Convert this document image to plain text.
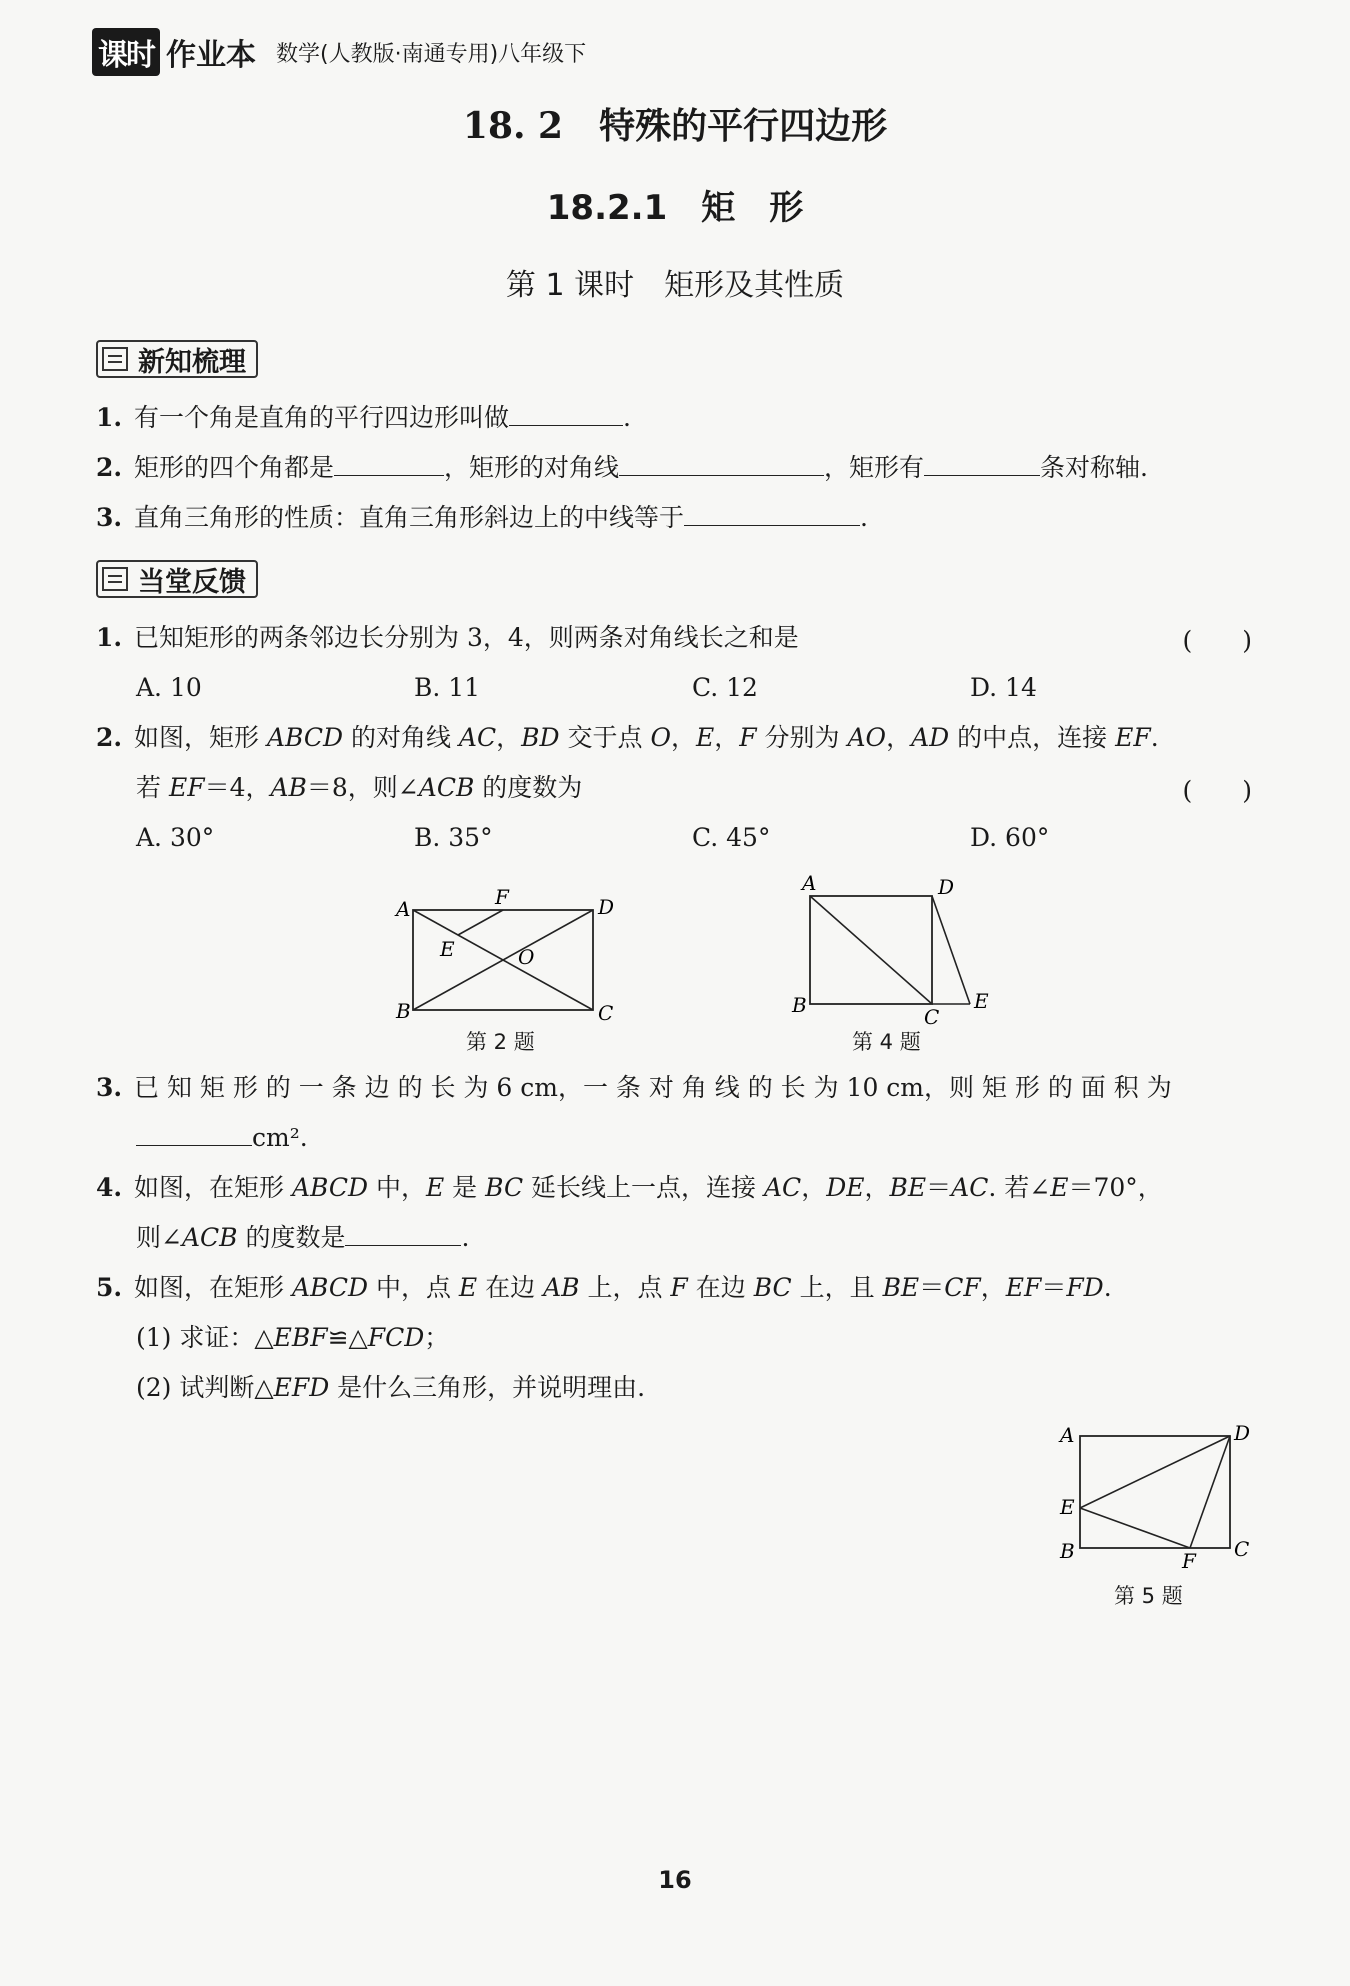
课时 作业本 数学(人教版·南通专用)八年级下
18. 2　特殊的平行四边形
18.2.1　矩　形
第 1 课时　矩形及其性质
新知梳理
1. 有一个角是直角的平行四边形叫做	.
2. 矩形的四个角都是	，矩形的对角线	，矩形有	条对称轴.
3. 直角三角形的性质：直角三角形斜边上的中线等于	.
当堂反馈
1. 已知矩形的两条邻边长分别为 3，4，则两条对角线长之和是	(　　)
A. 10	B. 11	C. 12	D. 14
2. 如图，矩形 ABCD 的对角线 AC，BD 交于点 O，E，F 分别为 AO，AD 的中点，连接 EF.
若 EF＝4，AB＝8，则∠ACB 的度数为	(　　)
A. 30°	B. 35°	C. 45°	D. 60°
A
B	C
D
E
F
O
第 2 题
A
B	C
D
E
第 4 题
3. 已 知 矩 形 的 一 条 边 的 长 为 6 cm，一 条 对 角 线 的 长 为 10 cm，则 矩 形 的 面 积 为
cm².
4. 如图，在矩形 ABCD 中，E 是 BC 延长线上一点，连接 AC，DE，BE＝AC. 若∠E＝70°，
则∠ACB 的度数是	.
5. 如图，在矩形 ABCD 中，点 E 在边 AB 上，点 F 在边 BC 上，且 BE＝CF，EF＝FD.
(1) 求证：△EBF≌△FCD；
(2) 试判断△EFD 是什么三角形，并说明理由.
A
B	C
D
E
F
第 5 题
16
